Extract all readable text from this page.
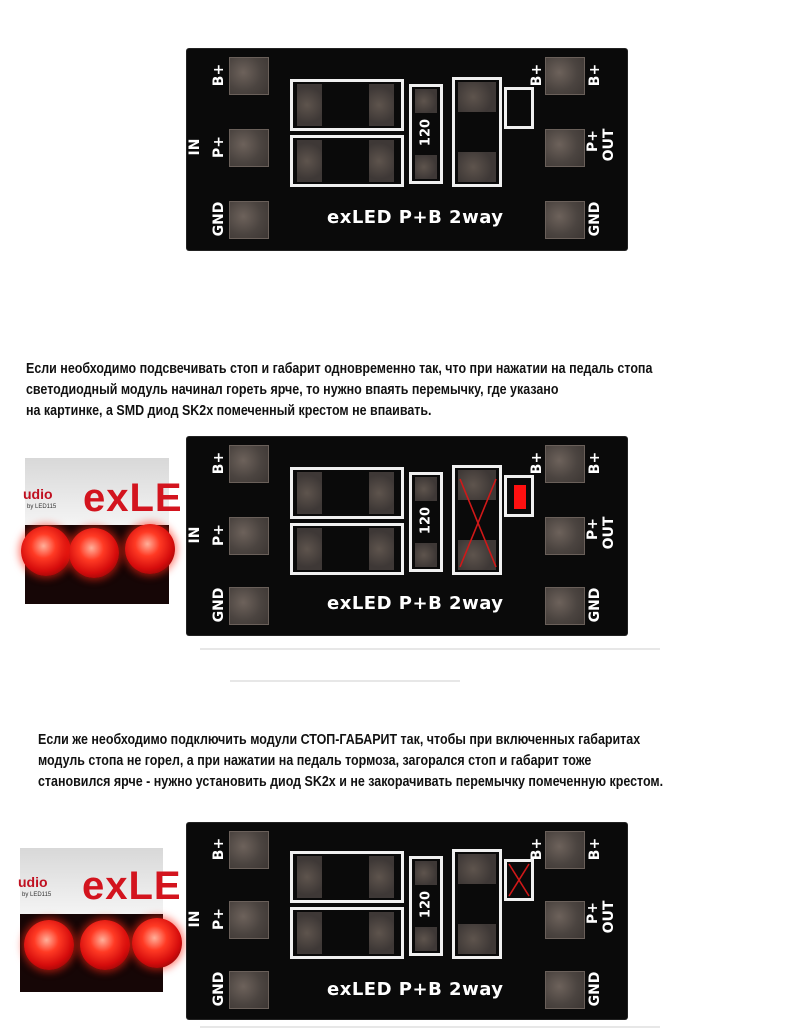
B+
P+
IN
GND
B+	B+
P+ OUT
GND
120
exLED P+B 2way
Если необходимо подсвечивать стоп и габарит одновременно так, что при нажатии на педаль стопа
светодиодный модуль начинал гореть ярче, то нужно впаять перемычку, где указано
на картинке, а SMD диод SK2x помеченный крестом не впаивать.
udio
by LED115 exLE
B+
P+
IN
GND
B+	B+
P+ OUT
GND
120
exLED P+B 2way
Если же необходимо подключить модули СТОП-ГАБАРИТ так, чтобы при включенных габаритах
модуль стопа не горел, а при нажатии на педаль тормоза, загорался стоп и габарит тоже
становился ярче - нужно установить диод SK2x и не закорачивать перемычку помеченную крестом.
udio
by LED115 exLE
B+
P+
IN
GND
B+	B+
P+ OUT
GND
120
exLED P+B 2way
